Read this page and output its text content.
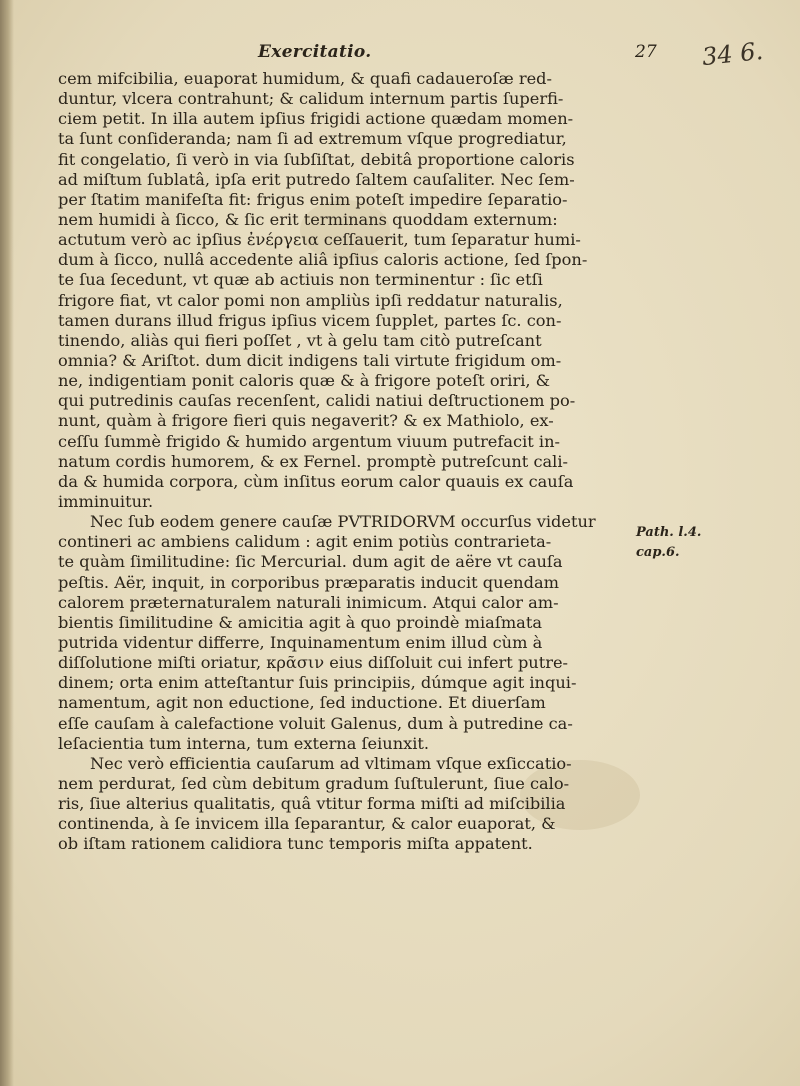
Exercitatio.	27 34 6.
cem mifcibilia, euaporat humidum, & quafi cadaueroſæ red-
duntur, vlcera contrahunt; & calidum internum partis ſuperfi-
ciem petit. In illa autem ipſius frigidi actione quædam momen-
ta ſunt conſideranda; nam ſi ad extremum vſque progrediatur,
fit congelatio, ſi verò in via ſubſiſtat, debitâ proportione caloris
ad miſtum ſublatâ, ipſa erit putredo ſaltem cauſaliter. Nec ſem-
per ſtatim manifeſta fit: frigus enim poteſt impedire ſeparatio-
nem humidi à ſicco, & ſic erit terminans quoddam externum:
actutum verò ac ipſius ἐνέργεια ceſſauerit, tum ſeparatur humi-
dum à ſicco, nullâ accedente aliâ ipſius caloris actione, ſed ſpon-
te ſua ſecedunt, vt quæ ab actiuis non terminentur : ſic etſi
frigore fiat, vt calor pomi non ampliùs ipſi reddatur naturalis,
tamen durans illud frigus ipſius vicem ſupplet, partes ſc. con-
tinendo, aliàs qui fieri poſſet , vt à gelu tam citò putreſcant
omnia? & Ariſtot. dum dicit indigens tali virtute frigidum om-
ne, indigentiam ponit caloris quæ & à frigore poteſt oriri, &
qui putredinis cauſas recenſent, calidi natiui deſtructionem po-
nunt, quàm à frigore fieri quis negaverit? & ex Mathiolo, ex-
ceſſu ſummè frigido & humido argentum viuum putrefacit in-
natum cordis humorem, & ex Fernel. promptè putreſcunt cali-
da & humida corpora, cùm inſitus eorum calor quauis ex cauſa
imminuitur.
Nec ſub eodem genere cauſæ PVTRIDORVM occurſus videtur
contineri ac ambiens calidum : agit enim potiùs contrarieta-
te quàm ſimilitudine: ſic Mercurial. dum agit de aëre vt cauſa
peſtis. Aër, inquit, in corporibus præparatis inducit quendam
calorem prӕternaturalem naturali inimicum. Atqui calor am-
bientis ſimilitudine & amicitia agit à quo proindè miaſmata
putrida videntur differre, Inquinamentum enim illud cùm à
diſſolutione miſti oriatur, κρᾶσιν eius diſſoluit cui infert putre-
dinem; orta enim atteſtantur ſuis principiis, dúmque agit inqui-
namentum, agit non eductione, ſed inductione. Et diuerſam
eſſe cauſam à calefactione voluit Galenus, dum à putredine ca-
leſacientia tum interna, tum externa ſeiunxit.
Nec verò efficientia cauſarum ad vltimam vſque exſiccatio-
nem perdurat, ſed cùm debitum gradum ſuſtulerunt, ſiue calo-
ris, ſiue alterius qualitatis, quâ vtitur forma miſti ad miſcibilia
continenda, à ſe invicem illa ſeparantur, & calor euaporat, &
ob iſtam rationem calidiora tunc temporis miſta appatent.
Path. l.4.
cap.6.
